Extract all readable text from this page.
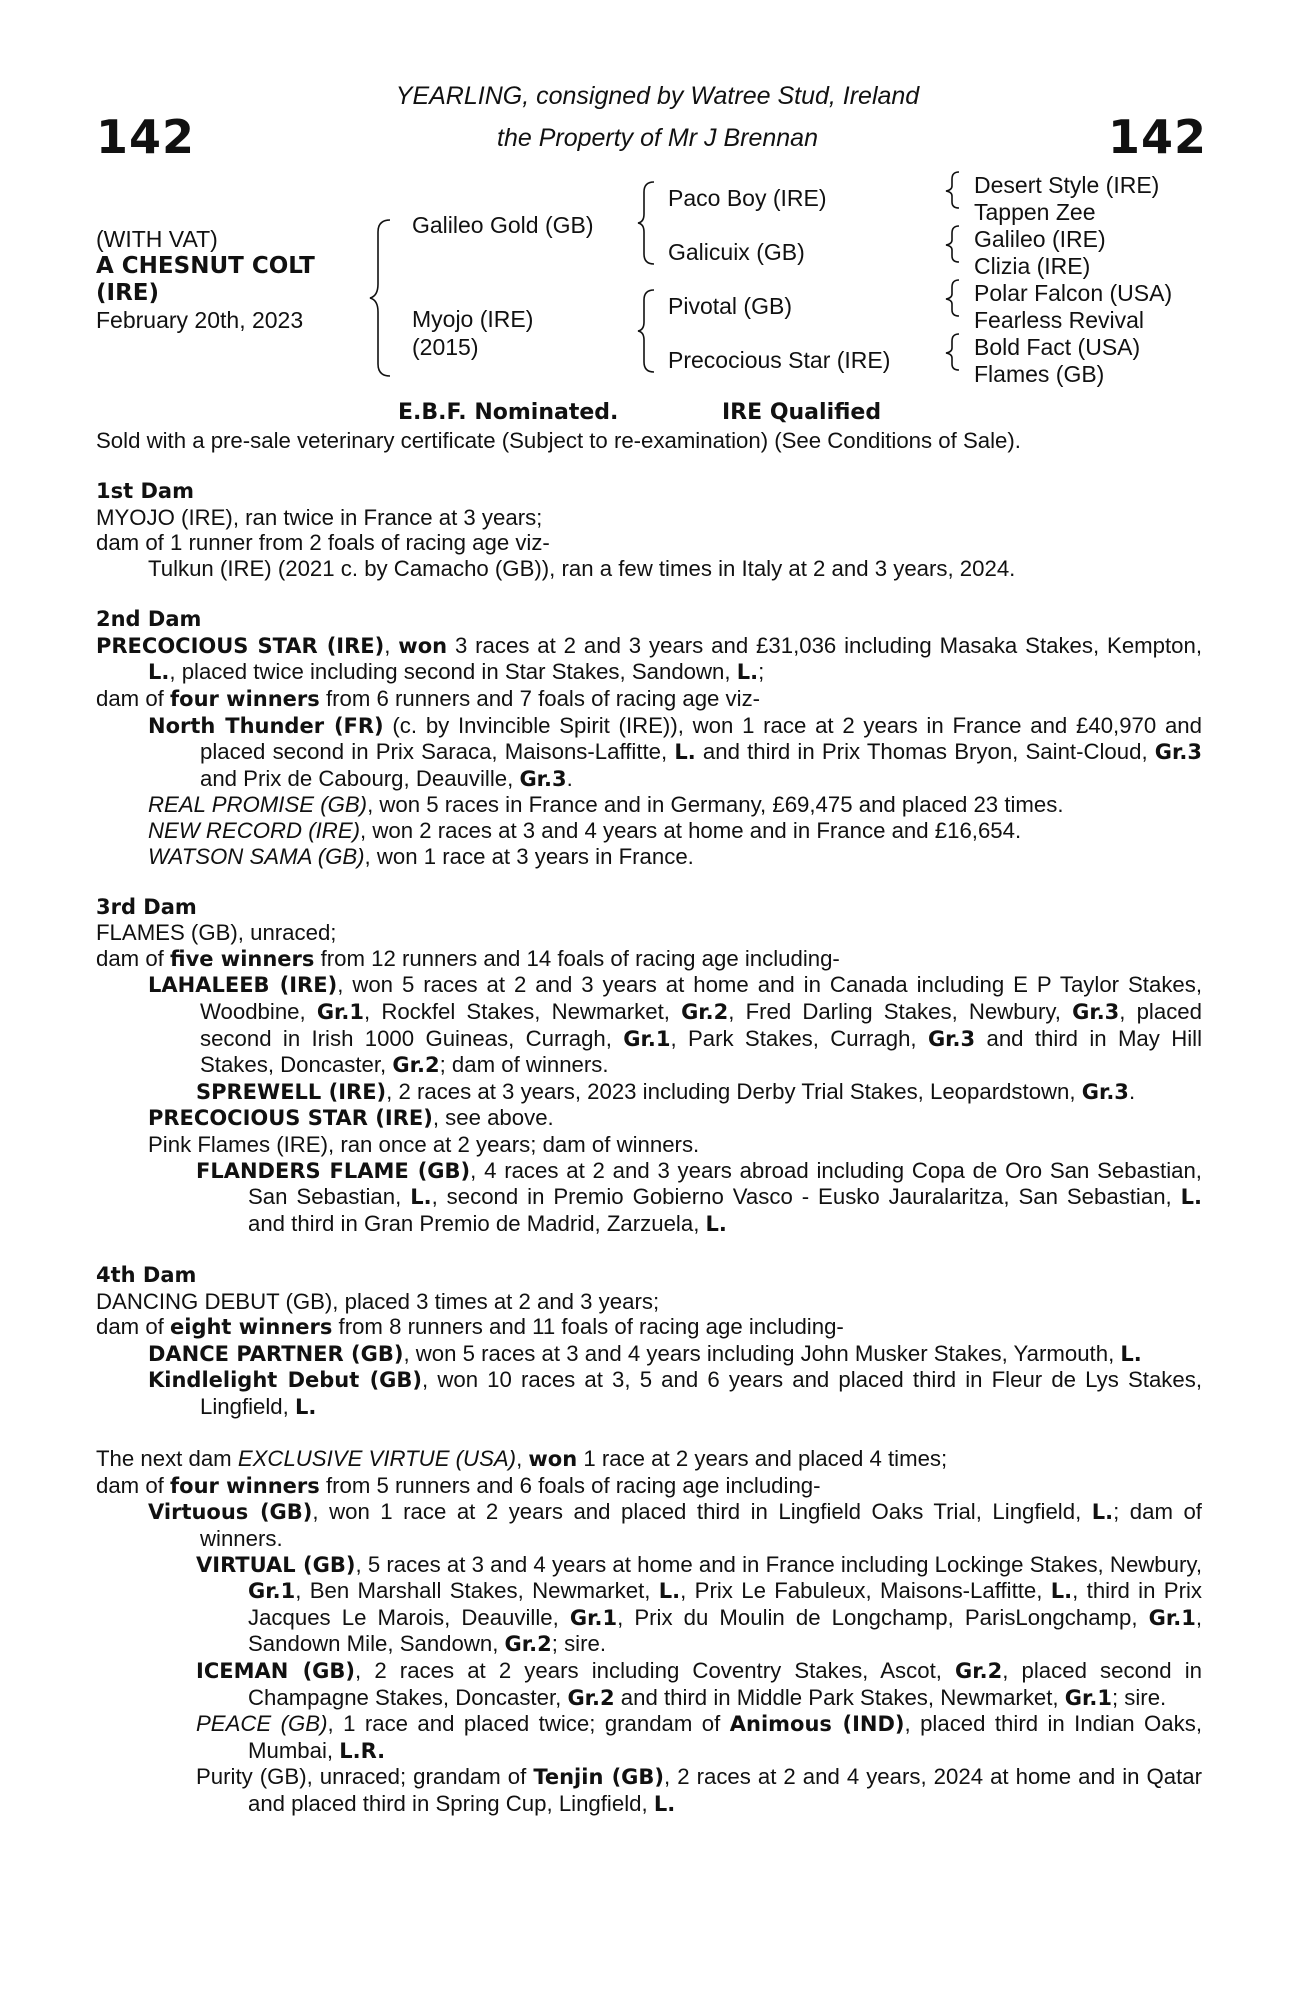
142	142
YEARLING, consigned by Watree Stud, Ireland
the Property of Mr J Brennan
(WITH VAT)
A CHESNUT COLT
(IRE)
February 20th, 2023
Galileo Gold (GB)
Myojo (IRE)
(2015)
Paco Boy (IRE)
Galicuix (GB)
Pivotal (GB)
Precocious Star (IRE)
Desert Style (IRE)
Tappen Zee
Galileo (IRE)
Clizia (IRE)
Polar Falcon (USA)
Fearless Revival
Bold Fact (USA)
Flames (GB)
E.B.F. Nominated.	IRE Qualified

Sold with a pre-sale veterinary certificate (Subject to re-examination) (See Conditions of Sale).

1st Dam

MYOJO (IRE), ran twice in France at 3 years;

dam of 1 runner from 2 foals of racing age viz-

Tulkun (IRE) (2021 c. by Camacho (GB)), ran a few times in Italy at 2 and 3 years, 2024.

2nd Dam

PRECOCIOUS STAR (IRE), won 3 races at 2 and 3 years and £31,036 including Masaka Stakes, Kempton, L., placed twice including second in Star Stakes, Sandown, L.;

dam of four winners from 6 runners and 7 foals of racing age viz-

North Thunder (FR) (c. by Invincible Spirit (IRE)), won 1 race at 2 years in France and £40,970 and placed second in Prix Saraca, Maisons-Laffitte, L. and third in Prix Thomas Bryon, Saint-Cloud, Gr.3 and Prix de Cabourg, Deauville, Gr.3.

REAL PROMISE (GB), won 5 races in France and in Germany, £69,475 and placed 23 times.

NEW RECORD (IRE), won 2 races at 3 and 4 years at home and in France and £16,654.

WATSON SAMA (GB), won 1 race at 3 years in France.

3rd Dam

FLAMES (GB), unraced;

dam of five winners from 12 runners and 14 foals of racing age including-

LAHALEEB (IRE), won 5 races at 2 and 3 years at home and in Canada including E P Taylor Stakes, Woodbine, Gr.1, Rockfel Stakes, Newmarket, Gr.2, Fred Darling Stakes, Newbury, Gr.3, placed second in Irish 1000 Guineas, Curragh, Gr.1, Park Stakes, Curragh, Gr.3 and third in May Hill Stakes, Doncaster, Gr.2; dam of winners.

SPREWELL (IRE), 2 races at 3 years, 2023 including Derby Trial Stakes, Leopardstown, Gr.3.

PRECOCIOUS STAR (IRE), see above.

Pink Flames (IRE), ran once at 2 years; dam of winners.

FLANDERS FLAME (GB), 4 races at 2 and 3 years abroad including Copa de Oro San Sebastian, San Sebastian, L., second in Premio Gobierno Vasco - Eusko Jauralaritza, San Sebastian, L. and third in Gran Premio de Madrid, Zarzuela, L.

4th Dam

DANCING DEBUT (GB), placed 3 times at 2 and 3 years;

dam of eight winners from 8 runners and 11 foals of racing age including-

DANCE PARTNER (GB), won 5 races at 3 and 4 years including John Musker Stakes, Yarmouth, L.

Kindlelight Debut (GB), won 10 races at 3, 5 and 6 years and placed third in Fleur de Lys Stakes, Lingfield, L.

The next dam EXCLUSIVE VIRTUE (USA), won 1 race at 2 years and placed 4 times;

dam of four winners from 5 runners and 6 foals of racing age including-

Virtuous (GB), won 1 race at 2 years and placed third in Lingfield Oaks Trial, Lingfield, L.; dam of winners.

VIRTUAL (GB), 5 races at 3 and 4 years at home and in France including Lockinge Stakes, Newbury, Gr.1, Ben Marshall Stakes, Newmarket, L., Prix Le Fabuleux, Maisons-Laffitte, L., third in Prix Jacques Le Marois, Deauville, Gr.1, Prix du Moulin de Longchamp, ParisLongchamp, Gr.1, Sandown Mile, Sandown, Gr.2; sire.

ICEMAN (GB), 2 races at 2 years including Coventry Stakes, Ascot, Gr.2, placed second in Champagne Stakes, Doncaster, Gr.2 and third in Middle Park Stakes, Newmarket, Gr.1; sire.

PEACE (GB), 1 race and placed twice; grandam of Animous (IND), placed third in Indian Oaks, Mumbai, L.R.

Purity (GB), unraced; grandam of Tenjin (GB), 2 races at 2 and 4 years, 2024 at home and in Qatar and placed third in Spring Cup, Lingfield, L.
